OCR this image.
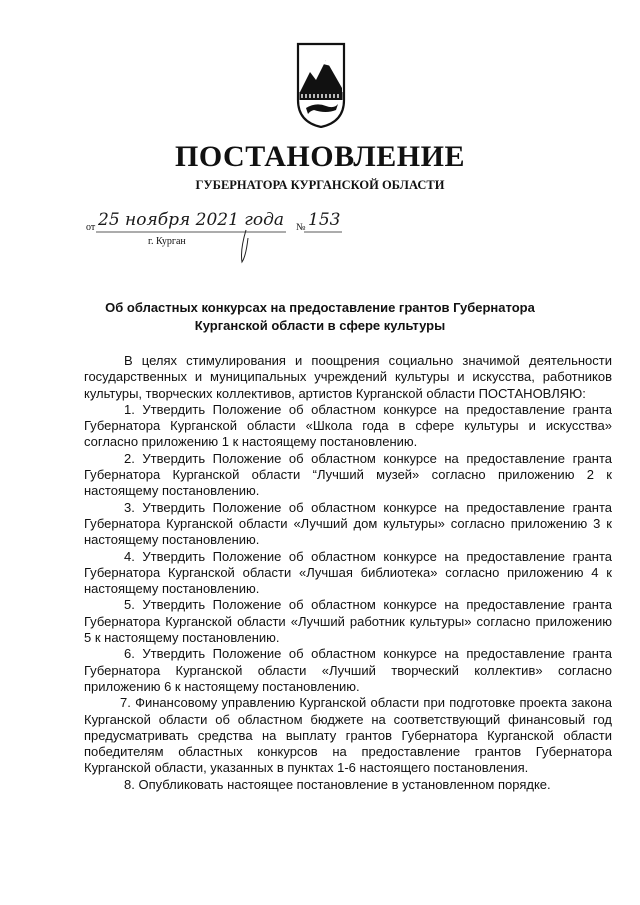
ПОСТАНОВЛЕНИЕ
ГУБЕРНАТОРА КУРГАНСКОЙ ОБЛАСТИ
от 25 ноября 2021 года № 153
г. Курган
Об областных конкурсах на предоставление грантов Губернатора Курганской области в сфере культуры

В целях стимулирования и поощрения социально значимой деятельности государственных и муниципальных учреждений культуры и искусства, работников культуры, творческих коллективов, артистов Курганской области ПОСТАНОВЛЯЮ:

1. Утвердить Положение об областном конкурсе на предоставление гранта Губернатора Курганской области «Школа года в сфере культуры и искусства» согласно приложению 1 к настоящему постановлению.

2. Утвердить Положение об областном конкурсе на предоставление гранта Губернатора Курганской области “Лучший музей» согласно приложению 2 к настоящему постановлению.

3. Утвердить Положение об областном конкурсе на предоставление гранта Губернатора Курганской области «Лучший дом культуры» согласно приложению 3 к настоящему постановлению.

4. Утвердить Положение об областном конкурсе на предоставление гранта Губернатора Курганской области «Лучшая библиотека» согласно приложению 4 к настоящему постановлению.

5. Утвердить Положение об областном конкурсе на предоставление гранта Губернатора Курганской области «Лучший работник культуры» согласно приложению 5 к настоящему постановлению.

6. Утвердить Положение об областном конкурсе на предоставление гранта Губернатора Курганской области «Лучший творческий коллектив» согласно приложению 6 к настоящему постановлению.

7. Финансовому управлению Курганской области при подготовке проекта закона Курганской области об областном бюджете на соответствующий финансовый год предусматривать средства на выплату грантов Губернатора Курганской области победителям областных конкурсов на предоставление грантов Губернатора Курганской области, указанных в пунктах 1-6 настоящего постановления.

8. Опубликовать настоящее постановление в установленном порядке.
